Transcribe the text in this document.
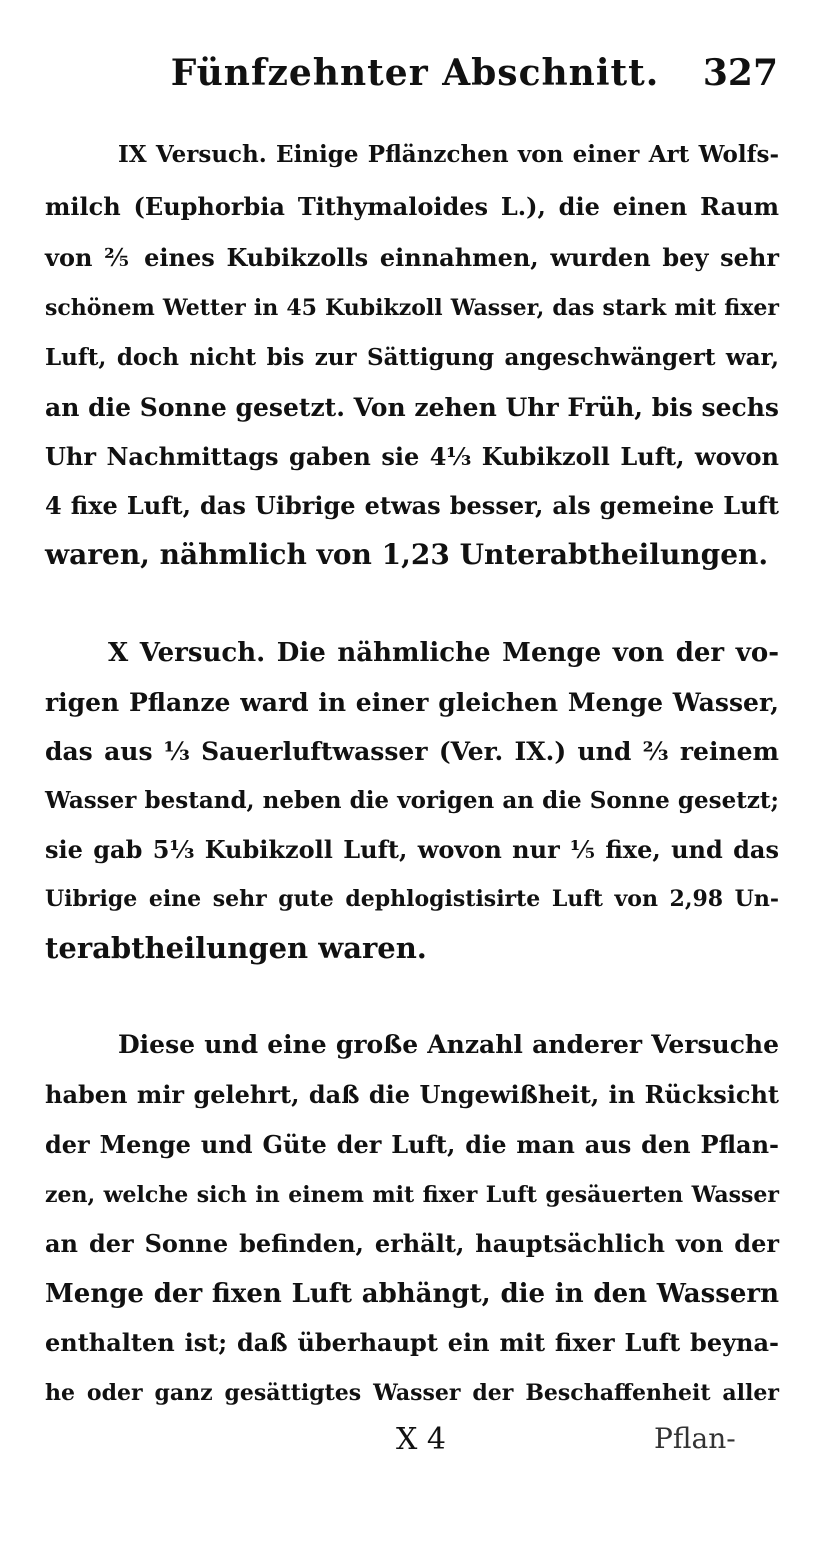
Fünfzehnter Abschnitt.	327
IX Versuch. Einige Pflänzchen von einer Art Wolfs-
milch (Euphorbia Tithymaloides L.), die einen Raum
von ⅖ eines Kubikzolls einnahmen, wurden bey sehr
schönem Wetter in 45 Kubikzoll Wasser, das stark mit fixer
Luft, doch nicht bis zur Sättigung angeschwängert war,
an die Sonne gesetzt. Von zehen Uhr Früh, bis sechs
Uhr Nachmittags gaben sie 4⅓ Kubikzoll Luft, wovon
4 fixe Luft, das Uibrige etwas besser, als gemeine Luft
waren, nähmlich von 1,23 Unterabtheilungen.
X Versuch. Die nähmliche Menge von der vo-
rigen Pflanze ward in einer gleichen Menge Wasser,
das aus ⅓ Sauerluftwasser (Ver. IX.) und ⅔ reinem
Wasser bestand, neben die vorigen an die Sonne gesetzt;
sie gab 5⅓ Kubikzoll Luft, wovon nur ⅕ fixe, und das
Uibrige eine sehr gute dephlogistisirte Luft von 2,98 Un-
terabtheilungen waren.
Diese und eine große Anzahl anderer Versuche
haben mir gelehrt, daß die Ungewißheit, in Rücksicht
der Menge und Güte der Luft, die man aus den Pflan-
zen, welche sich in einem mit fixer Luft gesäuerten Wasser
an der Sonne befinden, erhält, hauptsächlich von der
Menge der fixen Luft abhängt, die in den Wassern
enthalten ist; daß überhaupt ein mit fixer Luft beyna-
he oder ganz gesättigtes Wasser der Beschaffenheit aller
X 4	Pflan-
